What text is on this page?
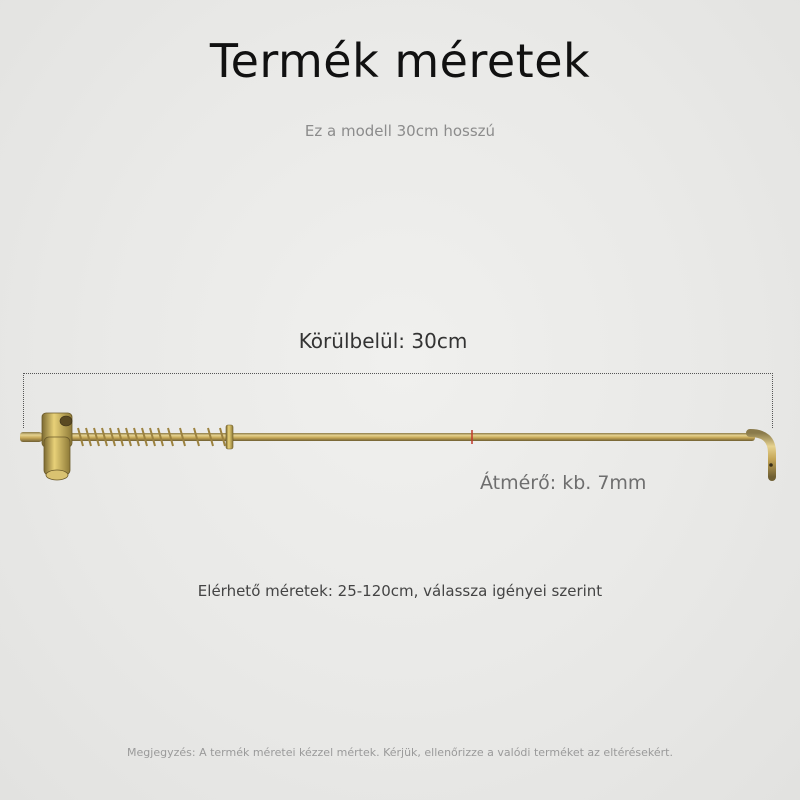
Termék méretek
Ez a modell 30cm hosszú
Körülbelül: 30cm
Átmérő: kb. 7mm
Elérhető méretek: 25-120cm, válassza igényei szerint
Megjegyzés: A termék méretei kézzel mértek. Kérjük, ellenőrizze a valódi terméket az eltérésekért.
